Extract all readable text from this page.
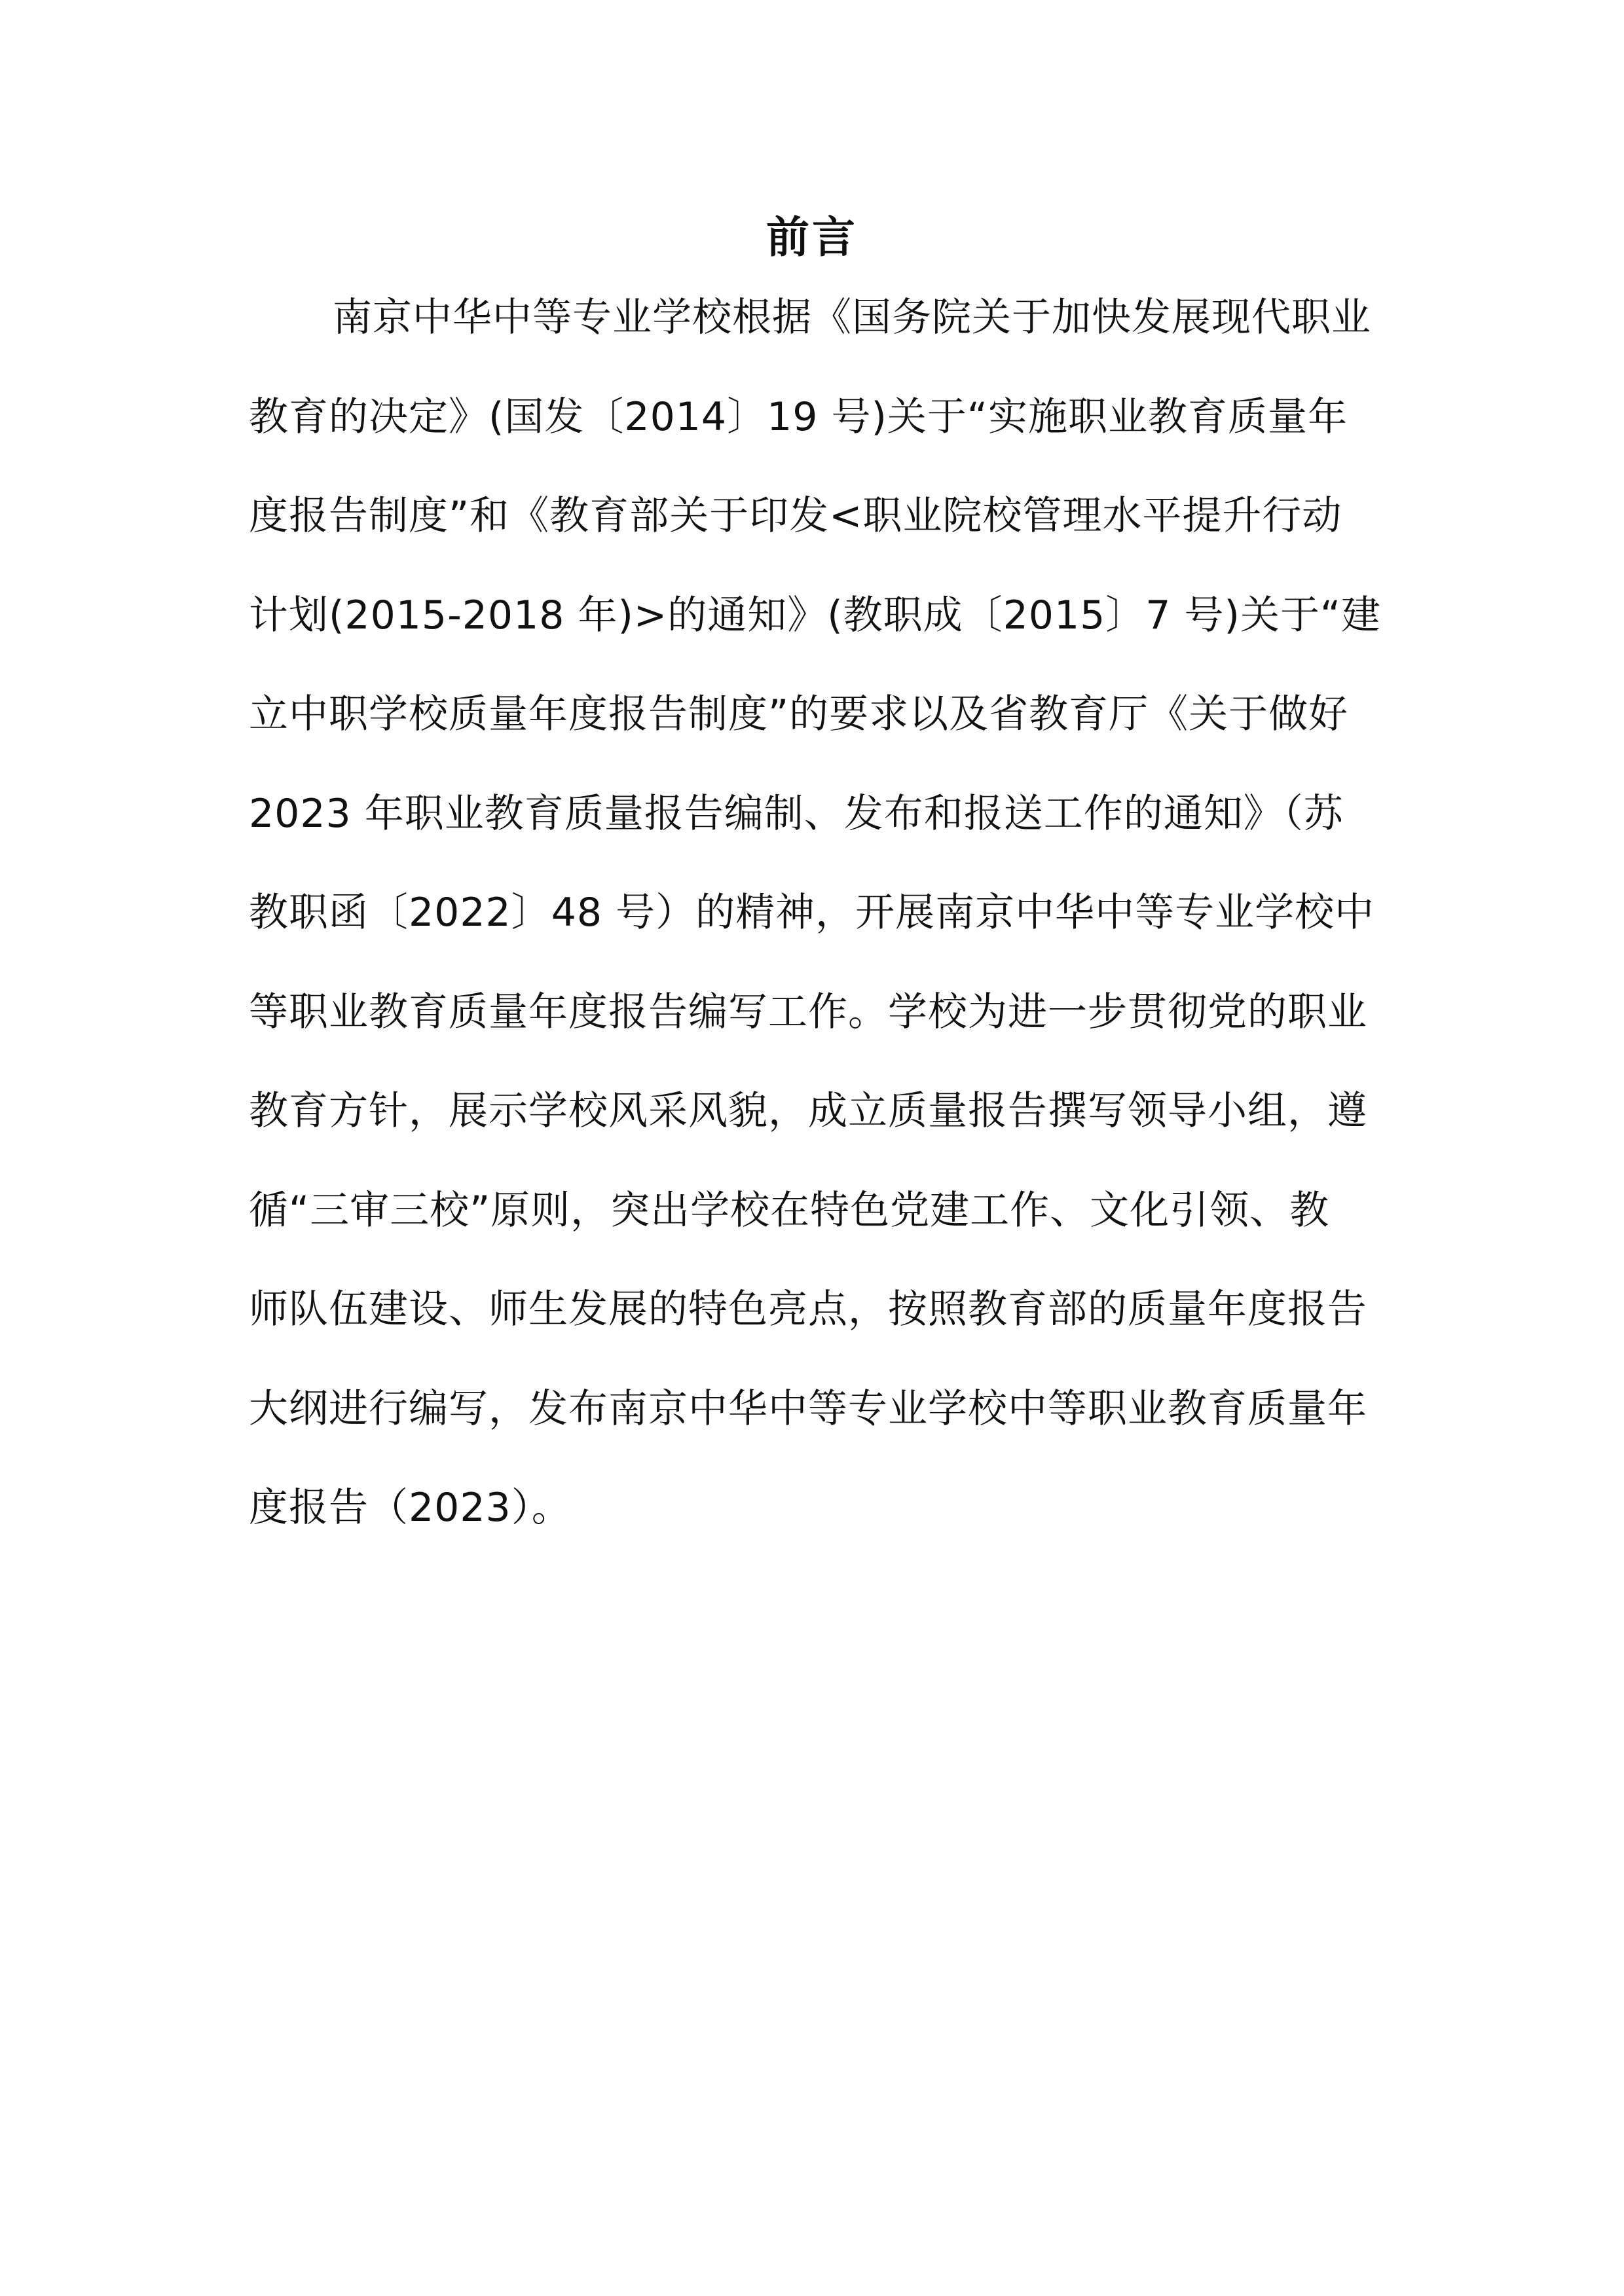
前言
南京中华中等专业学校根据《国务院关于加快发展现代职业
教育的决定》(国发〔2014〕19 号)关于“实施职业教育质量年
度报告制度”和《教育部关于印发<职业院校管理水平提升行动
计划(2015-2018 年)>的通知》(教职成〔2015〕7 号)关于“建
立中职学校质量年度报告制度”的要求以及省教育厅《关于做好
2023 年职业教育质量报告编制、发布和报送工作的通知》（苏
教职函〔2022〕48 号）的精神，开展南京中华中等专业学校中
等职业教育质量年度报告编写工作。学校为进一步贯彻党的职业
教育方针，展示学校风采风貌，成立质量报告撰写领导小组，遵
循“三审三校”原则，突出学校在特色党建工作、文化引领、教
师队伍建设、师生发展的特色亮点，按照教育部的质量年度报告
大纲进行编写，发布南京中华中等专业学校中等职业教育质量年
度报告（2023）。
